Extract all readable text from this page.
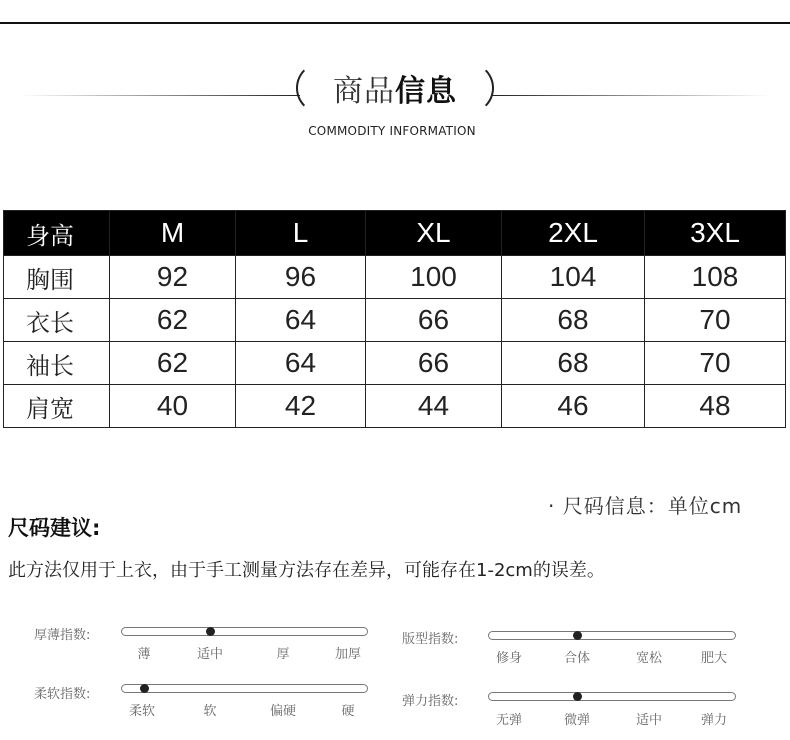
商品信息
COMMODITY INFORMATION
身高	M	L	XL	2XL	3XL
胸围	92	96	100	104	108
衣长	62	64	66	68	70
袖长	62	64	66	68	70
肩宽	40	42	44	46	48
· 尺码信息：单位cm
尺码建议:
此方法仅用于上衣，由于手工测量方法存在差异，可能存在1-2cm的误差。
厚薄指数:
薄	适中	厚	加厚
版型指数:
修身	合体	宽松	肥大
柔软指数:
柔软	软	偏硬	硬
弹力指数:
无弹	微弹	适中	弹力
